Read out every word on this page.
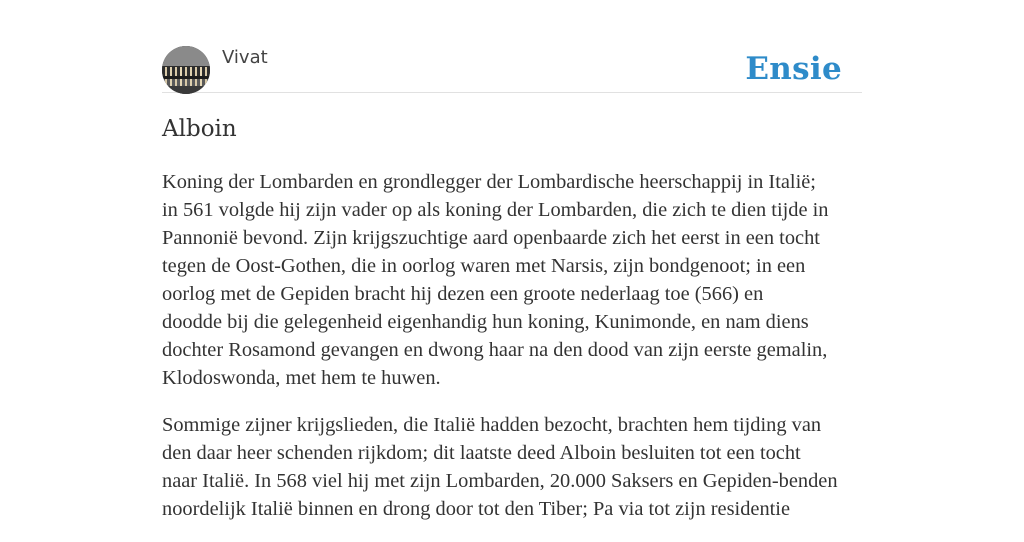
Vivat	Ensie
Alboin

Koning der Lombarden en grondlegger der Lombardische heerschappij in Italië;
in 561 volgde hij zijn vader op als koning der Lombarden, die zich te dien tijde in
Pannonië bevond. Zijn krijgszuchtige aard openbaarde zich het eerst in een tocht
tegen de Oost-Gothen, die in oorlog waren met Narsis, zijn bondgenoot; in een
oorlog met de Gepiden bracht hij dezen een groote nederlaag toe (566) en
doodde bij die gelegenheid eigenhandig hun koning, Kunimonde, en nam diens
dochter Rosamond gevangen en dwong haar na den dood van zijn eerste gemalin,
Klodoswonda, met hem te huwen.

Sommige zijner krijgslieden, die Italië hadden bezocht, brachten hem tijding van
den daar heer schenden rijkdom; dit laatste deed Alboin besluiten tot een tocht
naar Italië. In 568 viel hij met zijn Lombarden, 20.000 Saksers en Gepiden-benden
noordelijk Italië binnen en drong door tot den Tiber; Pa via tot zijn residentie
